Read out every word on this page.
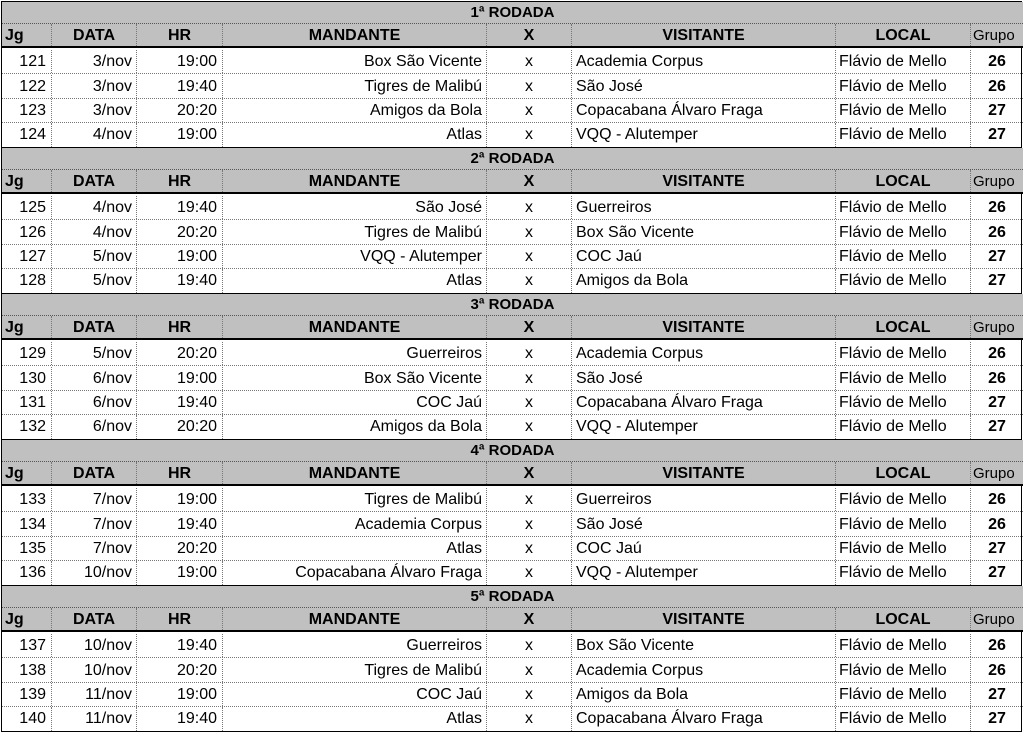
1ª RODADA
Jg	DATA	HR	MANDANTE	X	VISITANTE	LOCAL	Grupo
121	3/nov	19:00	Box São Vicente	x	Academia Corpus	Flávio de Mello	26
122	3/nov	19:40	Tigres de Malibú	x	São José	Flávio de Mello	26
123	3/nov	20:20	Amigos da Bola	x	Copacabana Álvaro Fraga	Flávio de Mello	27
124	4/nov	19:00	Atlas	x	VQQ - Alutemper	Flávio de Mello	27
2ª RODADA
Jg	DATA	HR	MANDANTE	X	VISITANTE	LOCAL	Grupo
125	4/nov	19:40	São José	x	Guerreiros	Flávio de Mello	26
126	4/nov	20:20	Tigres de Malibú	x	Box São Vicente	Flávio de Mello	26
127	5/nov	19:00	VQQ - Alutemper	x	COC Jaú	Flávio de Mello	27
128	5/nov	19:40	Atlas	x	Amigos da Bola	Flávio de Mello	27
3ª RODADA
Jg	DATA	HR	MANDANTE	X	VISITANTE	LOCAL	Grupo
129	5/nov	20:20	Guerreiros	x	Academia Corpus	Flávio de Mello	26
130	6/nov	19:00	Box São Vicente	x	São José	Flávio de Mello	26
131	6/nov	19:40	COC Jaú	x	Copacabana Álvaro Fraga	Flávio de Mello	27
132	6/nov	20:20	Amigos da Bola	x	VQQ - Alutemper	Flávio de Mello	27
4ª RODADA
Jg	DATA	HR	MANDANTE	X	VISITANTE	LOCAL	Grupo
133	7/nov	19:00	Tigres de Malibú	x	Guerreiros	Flávio de Mello	26
134	7/nov	19:40	Academia Corpus	x	São José	Flávio de Mello	26
135	7/nov	20:20	Atlas	x	COC Jaú	Flávio de Mello	27
136	10/nov	19:00	Copacabana Álvaro Fraga	x	VQQ - Alutemper	Flávio de Mello	27
5ª RODADA
Jg	DATA	HR	MANDANTE	X	VISITANTE	LOCAL	Grupo
137	10/nov	19:40	Guerreiros	x	Box São Vicente	Flávio de Mello	26
138	10/nov	20:20	Tigres de Malibú	x	Academia Corpus	Flávio de Mello	26
139	11/nov	19:00	COC Jaú	x	Amigos da Bola	Flávio de Mello	27
140	11/nov	19:40	Atlas	x	Copacabana Álvaro Fraga	Flávio de Mello	27
